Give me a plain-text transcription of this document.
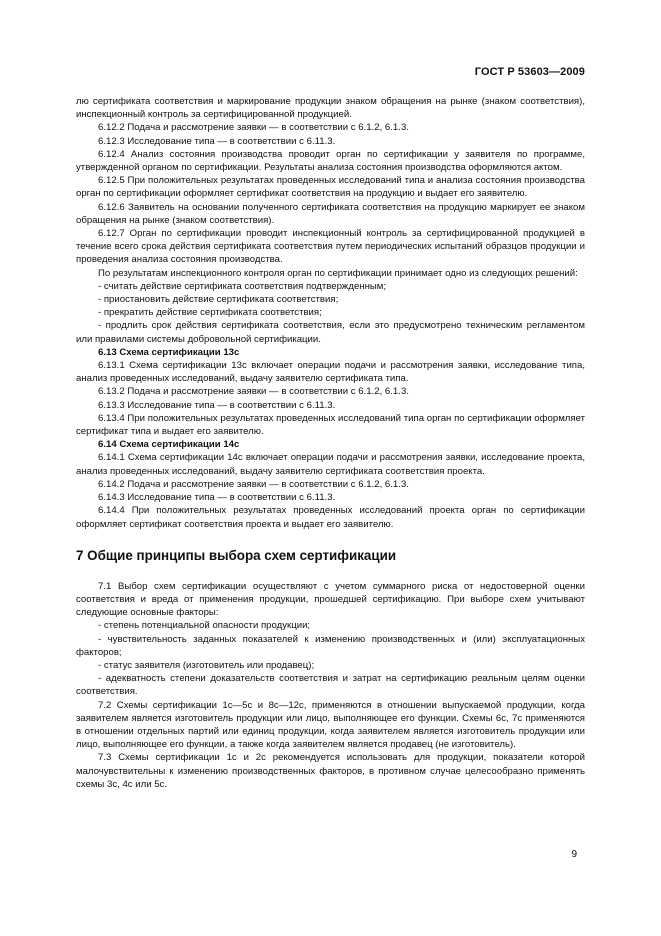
ГОСТ Р 53603—2009

лю сертификата соответствия и маркирование продукции знаком обращения на рынке (знаком соответствия), инспекционный контроль за сертифицированной продукцией.

6.12.2 Подача и рассмотрение заявки — в соответствии с 6.1.2, 6.1.3.

6.12.3 Исследование типа — в соответствии с 6.11.3.

6.12.4 Анализ состояния производства проводит орган по сертификации у заявителя по программе, утвержденной органом по сертификации. Результаты анализа состояния производства оформляются актом.

6.12.5 При положительных результатах проведенных исследований типа и анализа состояния производства орган по сертификации оформляет сертификат соответствия на продукцию и выдает его заявителю.

6.12.6 Заявитель на основании полученного сертификата соответствия на продукцию маркирует ее знаком обращения на рынке (знаком соответствия).

6.12.7 Орган по сертификации проводит инспекционный контроль за сертифицированной продукцией в течение всего срока действия сертификата соответствия путем периодических испытаний образцов продукции и проведения анализа состояния производства.

По результатам инспекционного контроля орган по сертификации принимает одно из следующих решений:

- считать действие сертификата соответствия подтвержденным;

- приостановить действие сертификата соответствия;

- прекратить действие сертификата соответствия;

- продлить срок действия сертификата соответствия, если это предусмотрено техническим регламентом или правилами системы добровольной сертификации.

6.13 Схема сертификации 13с

6.13.1 Схема сертификации 13с включает операции подачи и рассмотрения заявки, исследование типа, анализ проведенных исследований, выдачу заявителю сертификата типа.

6.13.2 Подача и рассмотрение заявки — в соответствии с 6.1.2, 6.1.3.

6.13.3 Исследование типа — в соответствии с 6.11.3.

6.13.4 При положительных результатах проведенных исследований типа орган по сертификации оформляет сертификат типа и выдает его заявителю.

6.14 Схема сертификации 14с

6.14.1 Схема сертификации 14с включает операции подачи и рассмотрения заявки, исследование проекта, анализ проведенных исследований, выдачу заявителю сертификата соответствия проекта.

6.14.2 Подача и рассмотрение заявки — в соответствии с 6.1.2, 6.1.3.

6.14.3 Исследование типа — в соответствии с 6.11.3.

6.14.4 При положительных результатах проведенных исследований проекта орган по сертификации оформляет сертификат соответствия проекта и выдает его заявителю.

7 Общие принципы выбора схем сертификации

7.1 Выбор схем сертификации осуществляют с учетом суммарного риска от недостоверной оценки соответствия и вреда от применения продукции, прошедшей сертификацию. При выборе схем учитывают следующие основные факторы:

- степень потенциальной опасности продукции;

- чувствительность заданных показателей к изменению производственных и (или) эксплуатационных факторов;

- статус заявителя (изготовитель или продавец);

- адекватность степени доказательств соответствия и затрат на сертификацию реальным целям оценки соответствия.

7.2 Схемы сертификации 1с—5с и 8с—12с, применяются в отношении выпускаемой продукции, когда заявителем является изготовитель продукции или лицо, выполняющее его функции. Схемы 6с, 7с применяются в отношении отдельных партий или единиц продукции, когда заявителем является изготовитель продукции или лицо, выполняющее его функции, а также когда заявителем является продавец (не изготовитель).

7.3 Схемы сертификации 1с и 2с рекомендуется использовать для продукции, показатели которой малочувствительны к изменению производственных факторов, в противном случае целесообразно применять схемы 3с, 4с или 5с.

9
